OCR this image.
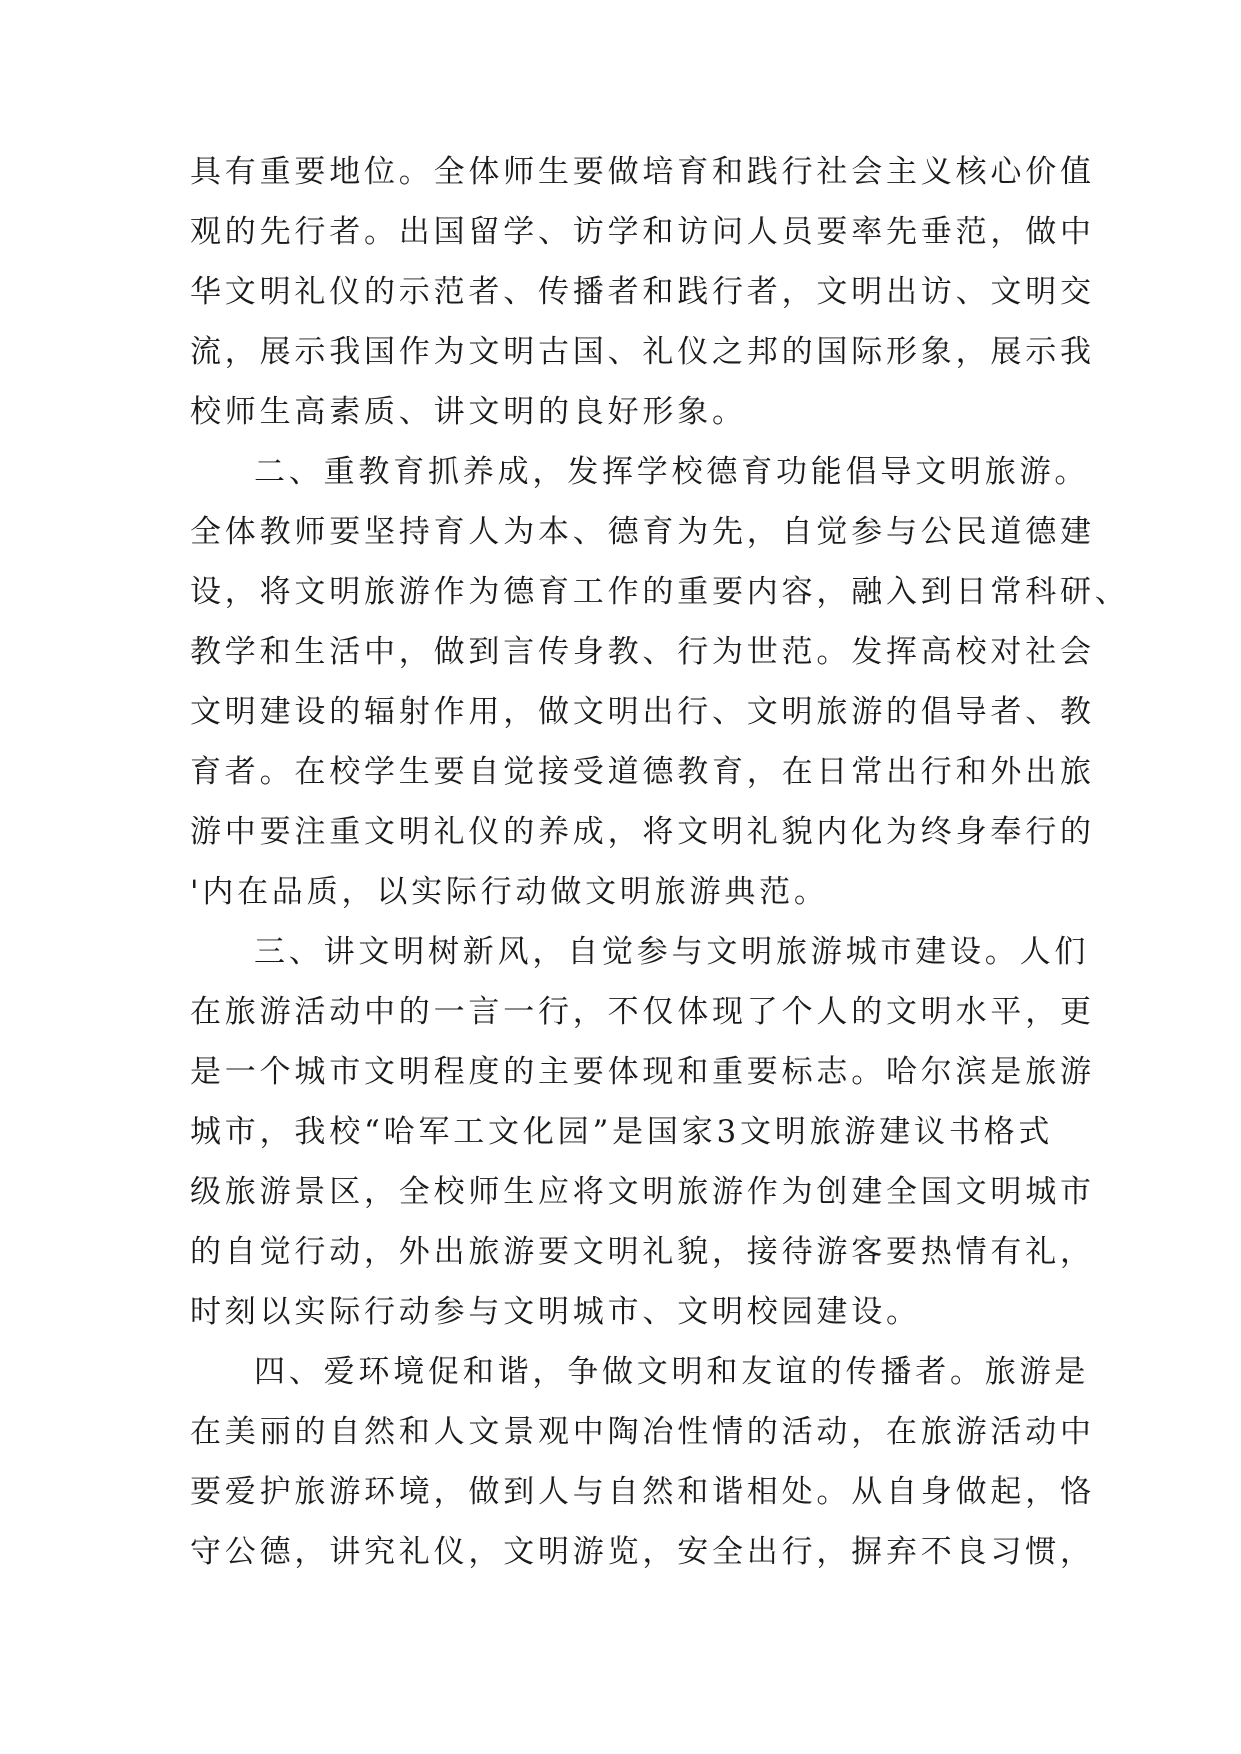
具有重要地位。全体师生要做培育和践行社会主义核心价值
观的先行者。出国留学、访学和访问人员要率先垂范，做中
华文明礼仪的示范者、传播者和践行者，文明出访、文明交
流，展示我国作为文明古国、礼仪之邦的国际形象，展示我
校师生高素质、讲文明的良好形象。
二、重教育抓养成，发挥学校德育功能倡导文明旅游。
全体教师要坚持育人为本、德育为先，自觉参与公民道德建
设，将文明旅游作为德育工作的重要内容，融入到日常科研、
教学和生活中，做到言传身教、行为世范。发挥高校对社会
文明建设的辐射作用，做文明出行、文明旅游的倡导者、教
育者。在校学生要自觉接受道德教育，在日常出行和外出旅
游中要注重文明礼仪的养成，将文明礼貌内化为终身奉行的
'内在品质，以实际行动做文明旅游典范。
三、讲文明树新风，自觉参与文明旅游城市建设。人们
在旅游活动中的一言一行，不仅体现了个人的文明水平，更
是一个城市文明程度的主要体现和重要标志。哈尔滨是旅游
城市，我校“哈军工文化园”是国家3文明旅游建议书格式
级旅游景区，全校师生应将文明旅游作为创建全国文明城市
的自觉行动，外出旅游要文明礼貌，接待游客要热情有礼，
时刻以实际行动参与文明城市、文明校园建设。
四、爱环境促和谐，争做文明和友谊的传播者。旅游是
在美丽的自然和人文景观中陶冶性情的活动，在旅游活动中
要爱护旅游环境，做到人与自然和谐相处。从自身做起，恪
守公德，讲究礼仪，文明游览，安全出行，摒弃不良习惯，
